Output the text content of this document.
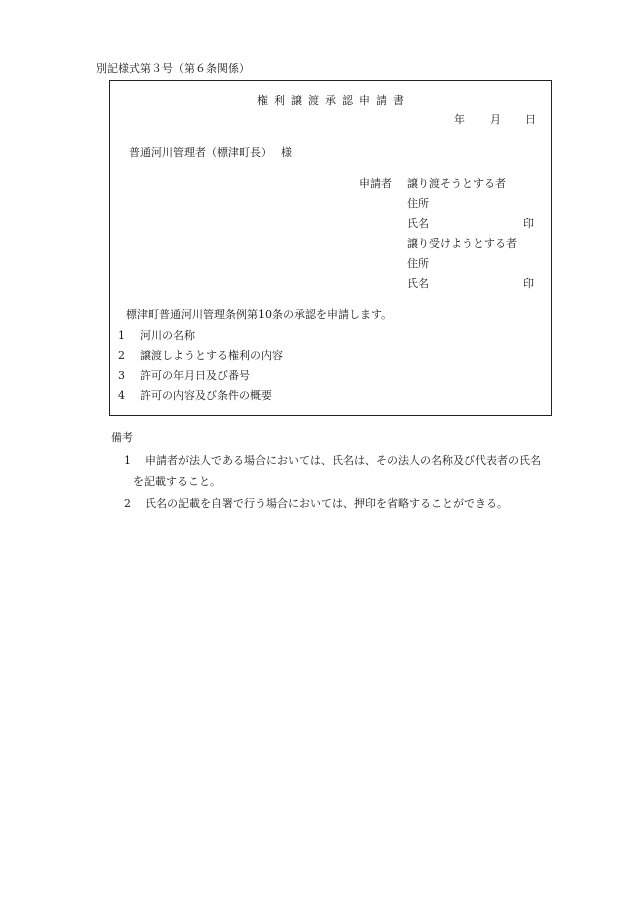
別記様式第３号（第６条関係）
権利譲渡承認申請書
年 月 日
普通河川管理者（標津町長）　 様
申請者 譲り渡そうとする者
住所
氏名	印
譲り受けようとする者
住所
氏名	印
標津町普通河川管理条例第10条の承認を申請します。
1 河川の名称
2 譲渡しようとする権利の内容
3 許可の年月日及び番号
4 許可の内容及び条件の概要
備考
1 申請者が法人である場合においては、氏名は、その法人の名称及び代表者の氏名
を記載すること。
2 氏名の記載を自署で行う場合においては、押印を省略することができる。
